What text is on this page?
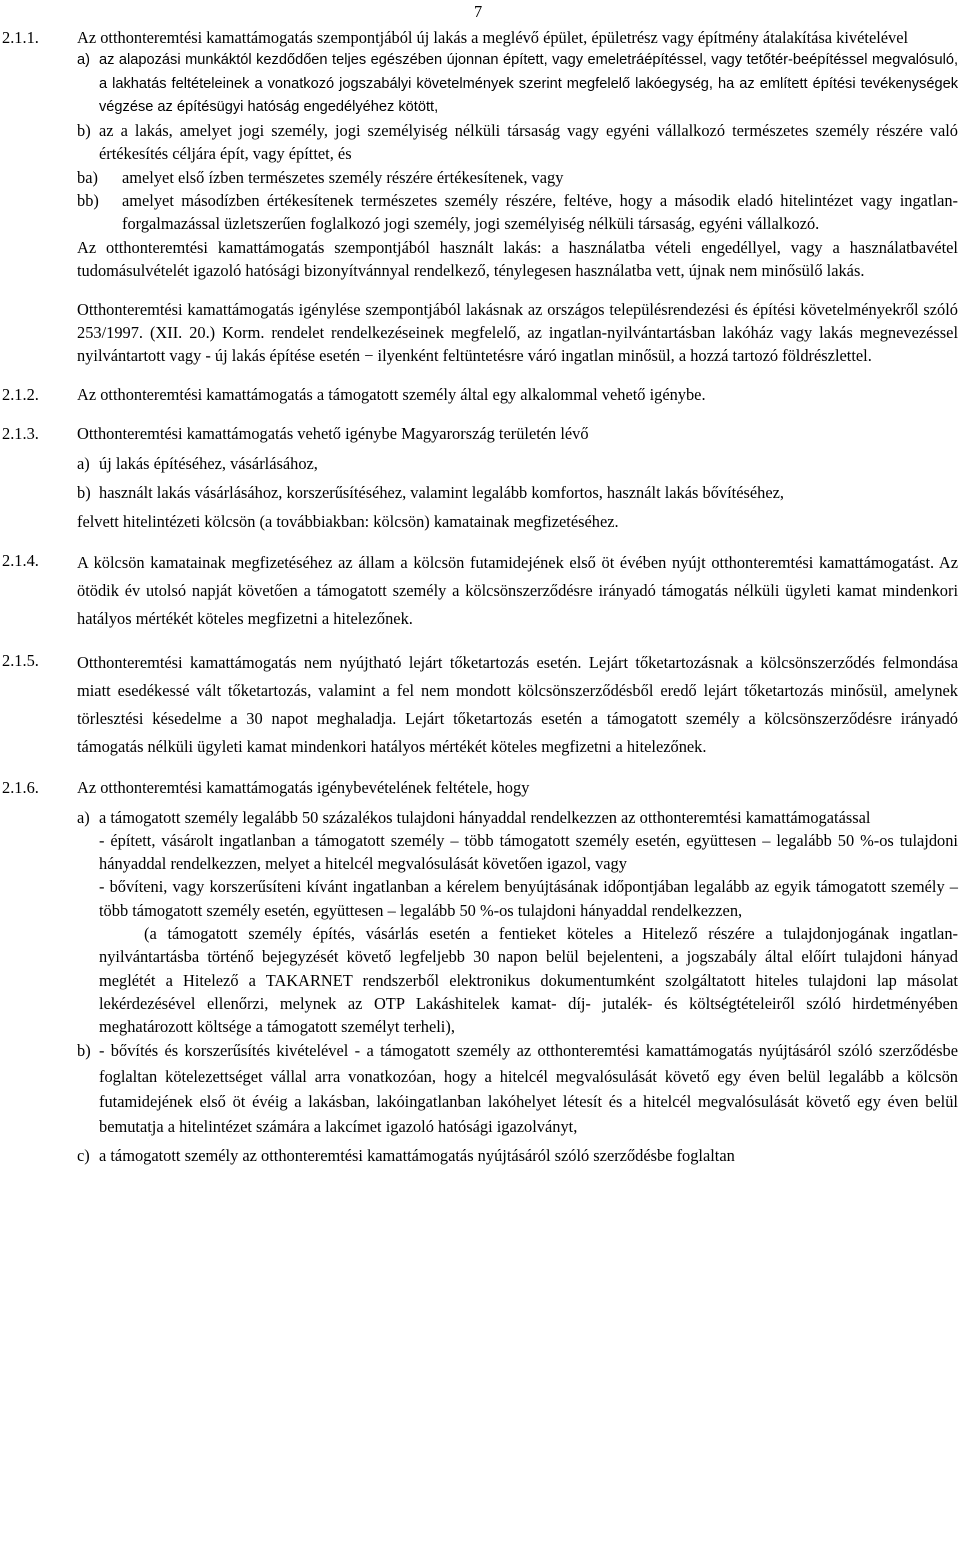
7
2.1.1.	Az otthonteremtési kamattámogatás szempontjából új lakás a meglévő épület, épületrész vagy építmény átalakítása kivételével

a) az alapozási munkáktól kezdődően teljes egészében újonnan épített, vagy emeletráépítéssel, vagy tetőtér-beépítéssel megvalósuló, a lakhatás feltételeinek a vonatkozó jogszabályi követelmények szerint megfelelő lakóegység, ha az említett építési tevékenységek végzése az építésügyi hatóság engedélyéhez kötött,
b) az a lakás, amelyet jogi személy, jogi személyiség nélküli társaság vagy egyéni vállalkozó természetes személy részére való értékesítés céljára épít, vagy építtet, és
ba)	amelyet első ízben természetes személy részére értékesítenek, vagy
bb)	amelyet másodízben értékesítenek természetes személy részére, feltéve, hogy a második eladó hitelintézet vagy ingatlan-forgalmazással üzletszerűen foglalkozó jogi személy, jogi személyiség nélküli társaság, egyéni vállalkozó.

Az otthonteremtési kamattámogatás szempontjából használt lakás: a használatba vételi engedéllyel, vagy a használatbavétel tudomásulvételét igazoló hatósági bizonyítvánnyal rendelkező, ténylegesen használatba vett, újnak nem minősülő lakás.

Otthonteremtési kamattámogatás igénylése szempontjából lakásnak az országos településrendezési és építési követelményekről szóló 253/1997. (XII. 20.) Korm. rendelet rendelkezéseinek megfelelő, az ingatlan-nyilvántartásban lakóház vagy lakás megnevezéssel nyilvántartott vagy - új lakás építése esetén − ilyenként feltüntetésre váró ingatlan minősül, a hozzá tartozó földrészlettel.

2.1.2.	Az otthonteremtési kamattámogatás a támogatott személy által egy alkalommal vehető igénybe.

2.1.3.	Otthonteremtési kamattámogatás vehető igénybe Magyarország területén lévő

a) új lakás építéséhez, vásárlásához,
b) használt lakás vásárlásához, korszerűsítéséhez, valamint legalább komfortos, használt lakás bővítéséhez,

felvett hitelintézeti kölcsön (a továbbiakban: kölcsön) kamatainak megfizetéséhez.

2.1.4.	A kölcsön kamatainak megfizetéséhez az állam a kölcsön futamidejének első öt évében nyújt otthonteremtési kamattámogatást. Az ötödik év utolsó napját követően a támogatott személy a kölcsönszerződésre irányadó támogatás nélküli ügyleti kamat mindenkori hatályos mértékét köteles megfizetni a hitelezőnek.

2.1.5.	Otthonteremtési kamattámogatás nem nyújtható lejárt tőketartozás esetén. Lejárt tőketartozásnak a kölcsönszerződés felmondása miatt esedékessé vált tőketartozás, valamint a fel nem mondott kölcsönszerződésből eredő lejárt tőketartozás minősül, amelynek törlesztési késedelme a 30 napot meghaladja. Lejárt tőketartozás esetén a támogatott személy a kölcsönszerződésre irányadó támogatás nélküli ügyleti kamat mindenkori hatályos mértékét köteles megfizetni a hitelezőnek.

2.1.6.	Az otthonteremtési kamattámogatás igénybevételének feltétele, hogy

a) a támogatott személy legalább 50 százalékos tulajdoni hányaddal rendelkezzen az otthonteremtési kamattámogatással

- épített, vásárolt ingatlanban a támogatott személy – több támogatott személy esetén, együttesen – legalább 50 %-os tulajdoni hányaddal rendelkezzen, melyet a hitelcél megvalósulását követően igazol, vagy

- bővíteni, vagy korszerűsíteni kívánt ingatlanban a kérelem benyújtásának időpontjában legalább az egyik támogatott személy – több támogatott személy esetén, együttesen – legalább 50 %-os tulajdoni hányaddal rendelkezzen,

(a támogatott személy építés, vásárlás esetén a fentieket köteles a Hitelező részére a tulajdonjogának ingatlan-nyilvántartásba történő bejegyzését követő legfeljebb 30 napon belül bejelenteni, a jogszabály által előírt tulajdoni hányad meglétét a Hitelező a TAKARNET rendszerből elektronikus dokumentumként szolgáltatott hiteles tulajdoni lap másolat lekérdezésével ellenőrzi, melynek az OTP Lakáshitelek kamat- díj- jutalék- és költségtételeiről szóló hirdetményében meghatározott költsége a támogatott személyt terheli),

b) - bővítés és korszerűsítés kivételével - a támogatott személy az otthonteremtési kamattámogatás nyújtásáról szóló szerződésbe foglaltan kötelezettséget vállal arra vonatkozóan, hogy a hitelcél megvalósulását követő egy éven belül legalább a kölcsön futamidejének első öt évéig a lakásban, lakóingatlanban lakóhelyet létesít és a hitelcél megvalósulását követő egy éven belül bemutatja a hitelintézet számára a lakcímet igazoló hatósági igazolványt,
c) a támogatott személy az otthonteremtési kamattámogatás nyújtásáról szóló szerződésbe foglaltan
